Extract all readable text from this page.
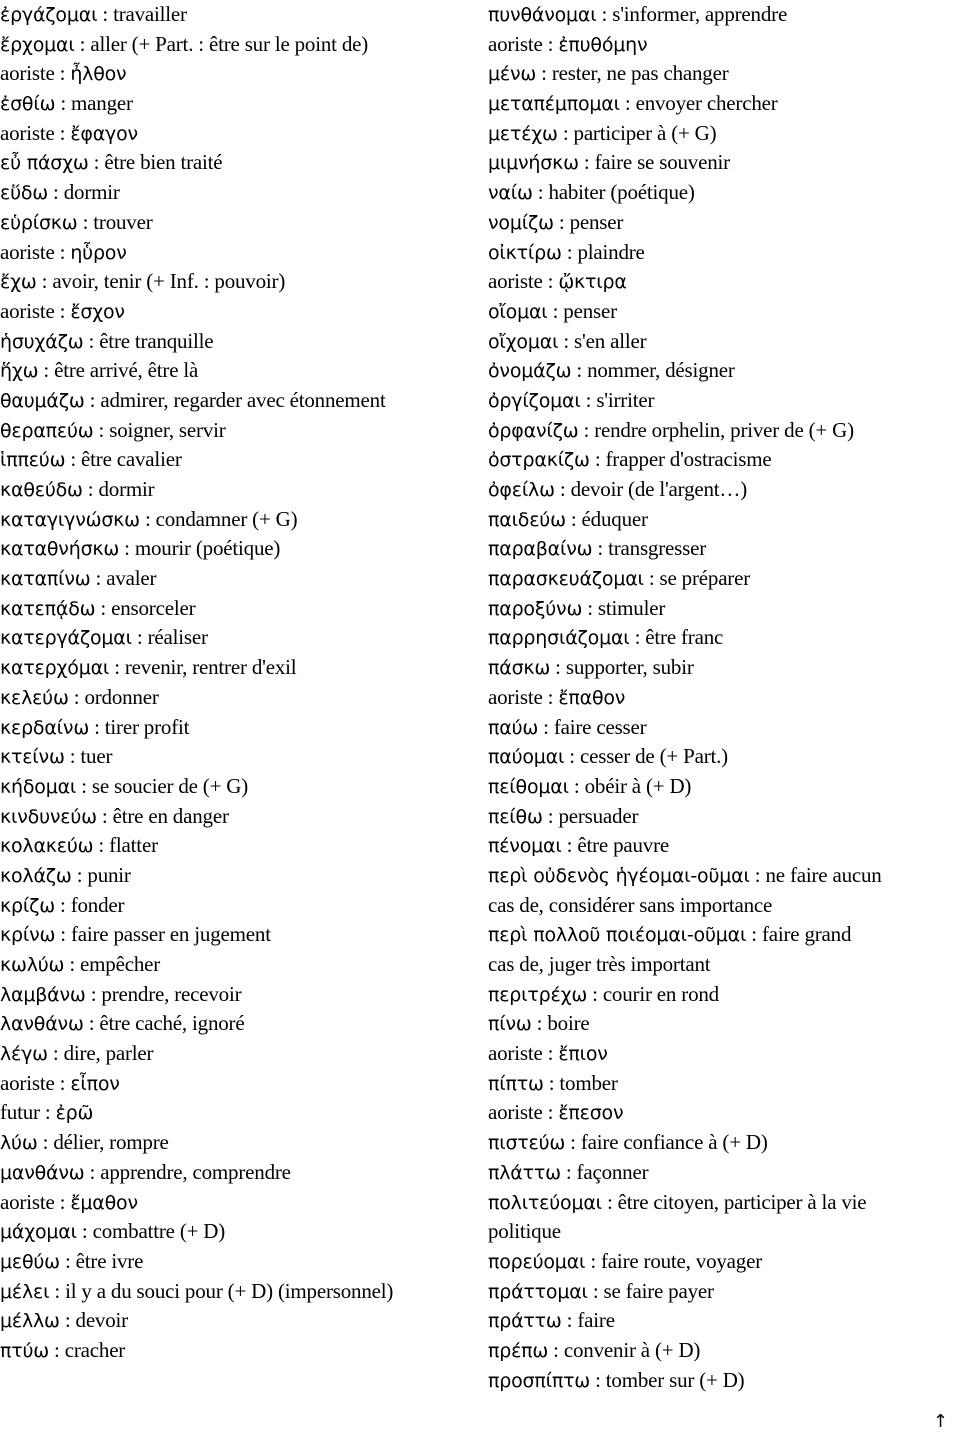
ἐργάζομαι : travailler
ἔρχομαι : aller (+ Part. : être sur le point de)
aoriste : ἦλθον
ἐσθίω : manger
aoriste : ἔφαγον
εὖ πάσχω : être bien traité
εὕδω : dormir
εὑρίσκω : trouver
aoriste : ηὗρον
ἔχω : avoir, tenir (+ Inf. : pouvoir)
aoriste : ἔσχον
ἡσυχάζω : être tranquille
ἥχω : être arrivé, être là
θαυμάζω : admirer, regarder avec étonnement
θεραπεύω : soigner, servir
ἱππεύω : être cavalier
καθεύδω : dormir
καταγιγνώσκω : condamner (+ G)
καταθνήσκω : mourir (poétique)
καταπίνω : avaler
κατεπᾴδω : ensorceler
κατεργάζομαι : réaliser
κατερχόμαι : revenir, rentrer d'exil
κελεύω : ordonner
κερδαίνω : tirer profit
κτείνω : tuer
κήδομαι : se soucier de (+ G)
κινδυνεύω : être en danger
κολακεύω : flatter
κολάζω : punir
κρίζω : fonder
κρίνω : faire passer en jugement
κωλύω : empêcher
λαμβάνω : prendre, recevoir
λανθάνω : être caché, ignoré
λέγω : dire, parler
aoriste : εἶπον
futur : ἐρῶ
λύω : délier, rompre
μανθάνω : apprendre, comprendre
aoriste : ἔμαθον
μάχομαι : combattre (+ D)
μεθύω : être ivre
μέλει : il y a du souci pour (+ D) (impersonnel)
μέλλω : devoir
πτύω : cracher
πυνθάνομαι : s'informer, apprendre
aoriste : ἐπυθόμην
μένω : rester, ne pas changer
μεταπέμπομαι : envoyer chercher
μετέχω : participer à (+ G)
μιμνήσκω : faire se souvenir
ναίω : habiter (poétique)
νομίζω : penser
οἰκτίρω : plaindre
aoriste : ᾤκτιρα
οἴομαι : penser
οἴχομαι : s'en aller
ὀνομάζω : nommer, désigner
ὀργίζομαι : s'irriter
ὀρφανίζω : rendre orphelin, priver de (+ G)
ὀστρακίζω : frapper d'ostracisme
ὀφείλω : devoir (de l'argent…)
παιδεύω : éduquer
παραβαίνω : transgresser
παρασκευάζομαι : se préparer
παροξύνω : stimuler
παρρησιάζομαι : être franc
πάσκω : supporter, subir
aoriste : ἔπαθον
παύω : faire cesser
παύομαι : cesser de (+ Part.)
πείθομαι : obéir à (+ D)
πείθω : persuader
πένομαι : être pauvre
περὶ οὐδενὸς ἡγέομαι-οῦμαι : ne faire aucun
cas de, considérer sans importance
περὶ πολλοῦ ποιέομαι-οῦμαι : faire grand
cas de, juger très important
περιτρέχω : courir en rond
πίνω : boire
aoriste : ἔπιον
πίπτω : tomber
aoriste : ἔπεσον
πιστεύω : faire confiance à (+ D)
πλάττω : façonner
πολιτεύομαι : être citoyen, participer à la vie
politique
πορεύομαι : faire route, voyager
πράττομαι : se faire payer
πράττω : faire
πρέπω : convenir à (+ D)
προσπίπτω : tomber sur (+ D)
↑
